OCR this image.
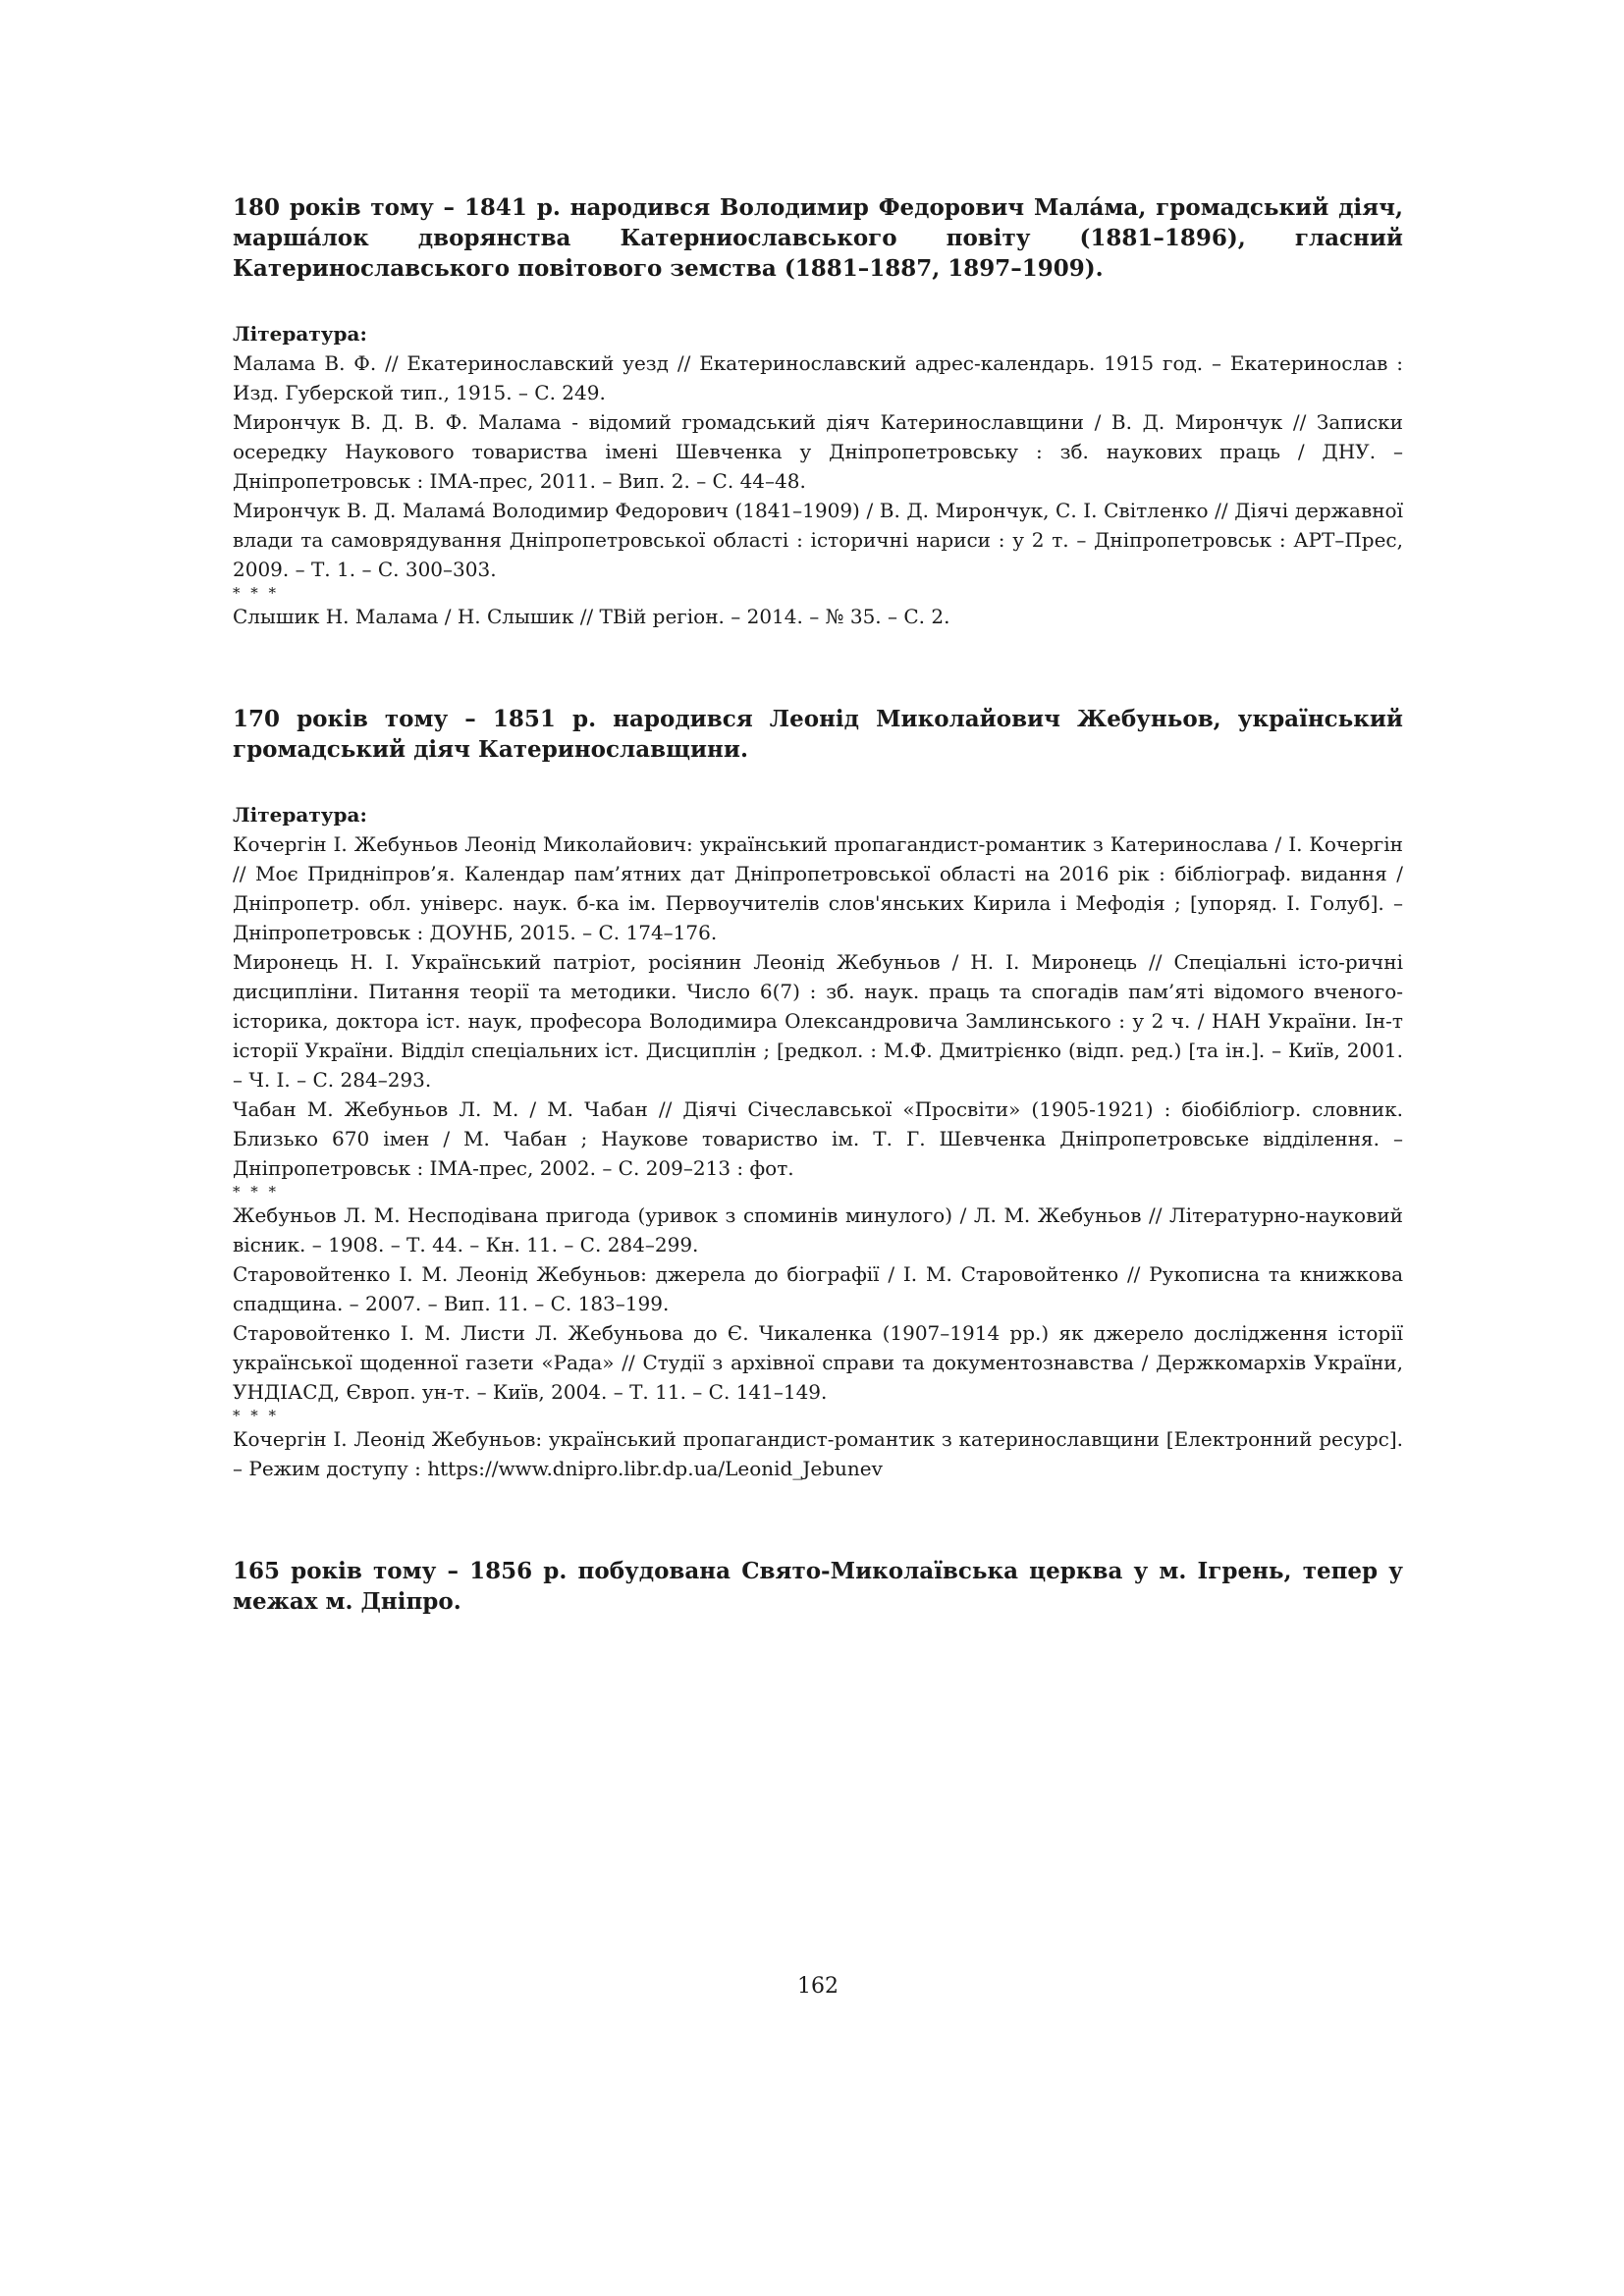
180 років тому – 1841 р. народився Володимир Федорович Мала́ма, громадський діяч, марша́лок дворянства Катерниославського повіту (1881–1896), гласний Катеринославського повітового земства (1881–1887, 1897–1909).

Література:

Малама В. Ф. // Екатеринославский уезд // Екатеринославский адрес-календарь. 1915 год. – Екатеринослав : Изд. Губерской тип., 1915. – С. 249.

Мирончук В. Д. В. Ф. Малама - відомий громадський діяч Катеринославщини / В. Д. Мирончук // Записки осередку Наукового товариства імені Шевченка у Дніпропетровську : зб. наукових праць / ДНУ. – Дніпропетровськ : ІМА-прес, 2011. – Вип. 2. – С. 44–48.

Мирончук В. Д. Малама́ Володимир Федорович (1841–1909) / В. Д. Мирончук, С. І. Світленко // Діячі державної влади та самоврядування Дніпропетровської області : історичні нариси : у 2 т. – Дніпропетровськ : АРТ–Прес, 2009. – Т. 1. – С. 300–303.

* * *

Слышик Н. Малама / Н. Слышик // ТВій регіон. – 2014. – № 35. – С. 2.

170 років тому – 1851 р. народився Леонід Миколайович Жебуньов, український громадський діяч Катеринославщини.

Література:

Кочергін І. Жебуньов Леонід Миколайович: український пропагандист-романтик з Катеринослава / І. Кочергін // Моє Придніпров’я. Календар пам’ятних дат Дніпропетровської області на 2016 рік : бібліограф. видання / Дніпропетр. обл. універс. наук. б-ка ім. Первоучителів слов'янських Кирила і Мефодія ; [упоряд. І. Голуб]. – Дніпропетровськ : ДОУНБ, 2015. – С. 174–176.

Миронець Н. І. Український патріот, росіянин Леонід Жебуньов / Н. І. Миронець // Спеціальні істо-ричні дисципліни. Питання теорії та методики. Число 6(7) : зб. наук. праць та спогадів пам’яті відомого вченого-історика, доктора іст. наук, професора Володимира Олександровича Замлинського : у 2 ч. / НАН України. Ін-т історії України. Відділ спеціальних іст. Дисциплін ; [редкол. : М.Ф. Дмитрієнко (відп. ред.) [та ін.]. – Київ, 2001. – Ч. І. – С. 284–293.

Чабан М. Жебуньов Л. М. / М. Чабан // Діячі Січеславської «Просвіти» (1905-1921) : біобібліогр. словник. Близько 670 імен / М. Чабан ; Наукове товариство ім. Т. Г. Шевченка Дніпропетровське відділення. – Дніпропетровськ : ІМА-прес, 2002. – С. 209–213 : фот.

* * *

Жебуньов Л. М. Несподівана пригода (уривок з споминів минулого) / Л. М. Жебуньов // Літературно-науковий вісник. – 1908. – Т. 44. – Кн. 11. – С. 284–299.

Старовойтенко І. М. Леонід Жебуньов: джерела до біографії / І. М. Старовойтенко // Рукописна та книжкова спадщина. – 2007. – Вип. 11. – С. 183–199.

Старовойтенко І. М. Листи Л. Жебуньова до Є. Чикаленка (1907–1914 рр.) як джерело дослідження історії української щоденної газети «Рада» // Студії з архівної справи та документознавства / Держкомархів України, УНДІАСД, Європ. ун-т. – Київ, 2004. – Т. 11. – С. 141–149.

* * *

Кочергін І. Леонід Жебуньов: український пропагандист-романтик з катеринославщини [Електронний ресурс]. – Режим доступу : https://www.dnipro.libr.dp.ua/Leonid_Jebunev

165 років тому – 1856 р. побудована Свято-Миколаївська церква у м. Ігрень, тепер у межах м. Дніпро.

162
